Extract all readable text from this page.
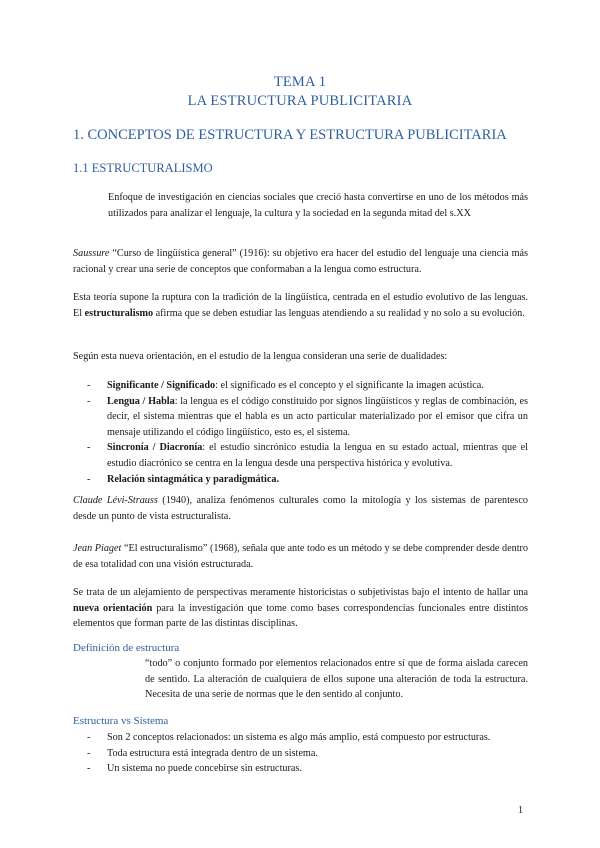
TEMA 1
LA ESTRUCTURA PUBLICITARIA
1. CONCEPTOS DE ESTRUCTURA Y ESTRUCTURA PUBLICITARIA
1.1 ESTRUCTURALISMO

Enfoque de investigación en ciencias sociales que creció hasta convertirse en uno de los métodos más utilizados para analizar el lenguaje, la cultura y la sociedad en la segunda mitad del s.XX

Saussure “Curso de lingüística general” (1916): su objetivo era hacer del estudio del lenguaje una ciencia más racional y crear una serie de conceptos que conformaban a la lengua como estructura.

Esta teoría supone la ruptura con la tradición de la lingüística, centrada en el estudio evolutivo de las lenguas. El estructuralismo afirma que se deben estudiar las lenguas atendiendo a su realidad y no solo a su evolución.

Según esta nueva orientación, en el estudio de la lengua consideran una serie de dualidades:

- Significante / Significado: el significado es el concepto y el significante la imagen acústica.
- Lengua / Habla: la lengua es el código constituido por signos lingüísticos y reglas de combinación, es decir, el sistema mientras que el habla es un acto particular materializado por el emisor que cifra un mensaje utilizando el código lingüístico, esto es, el sistema.
- Sincronía / Diacronía: el estudio sincrónico estudia la lengua en su estado actual, mientras que el estudio diacrónico se centra en la lengua desde una perspectiva histórica y evolutiva.
- Relación sintagmática y paradigmática.

Claude Lévi-Strauss (1940), analiza fenómenos culturales como la mitología y los sistemas de parentesco desde un punto de vista estructuralista.

Jean Piaget “El estructuralismo” (1968), señala que ante todo es un método y se debe comprender desde dentro de esa totalidad con una visión estructurada.

Se trata de un alejamiento de perspectivas meramente historicistas o subjetivistas bajo el intento de hallar una nueva orientación para la investigación que tome como bases correspondencias funcionales entre distintos elementos que forman parte de las distintas disciplinas.

Definición de estructura

“todo” o conjunto formado por elementos relacionados entre sí que de forma aislada carecen de sentido. La alteración de cualquiera de ellos supone una alteración de toda la estructura. Necesita de una serie de normas que le den sentido al conjunto.

Estructura vs Sistema
- Son 2 conceptos relacionados: un sistema es algo más amplio, está compuesto por estructuras.
- Toda estructura está integrada dentro de un sistema.
- Un sistema no puede concebirse sin estructuras.
1
